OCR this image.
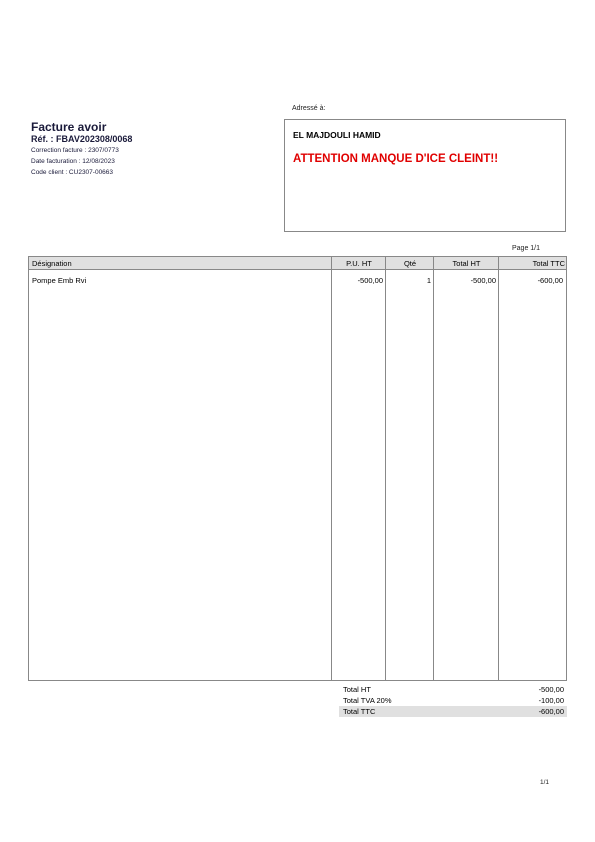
Facture avoir
Réf. : FBAV202308/0068
Correction facture : 2307/0773
Date facturation : 12/08/2023
Code client : CU2307-00663
Adressé à:
EL MAJDOULI HAMID
ATTENTION MANQUE D'ICE CLEINT!!
Page 1/1
Désignation	P.U. HT	Qté	Total HT	Total TTC
Pompe Emb Rvi	-500,00	1	-500,00	-600,00
Total HT	-500,00
Total TVA 20%	-100,00
Total TTC	-600,00
1/1
